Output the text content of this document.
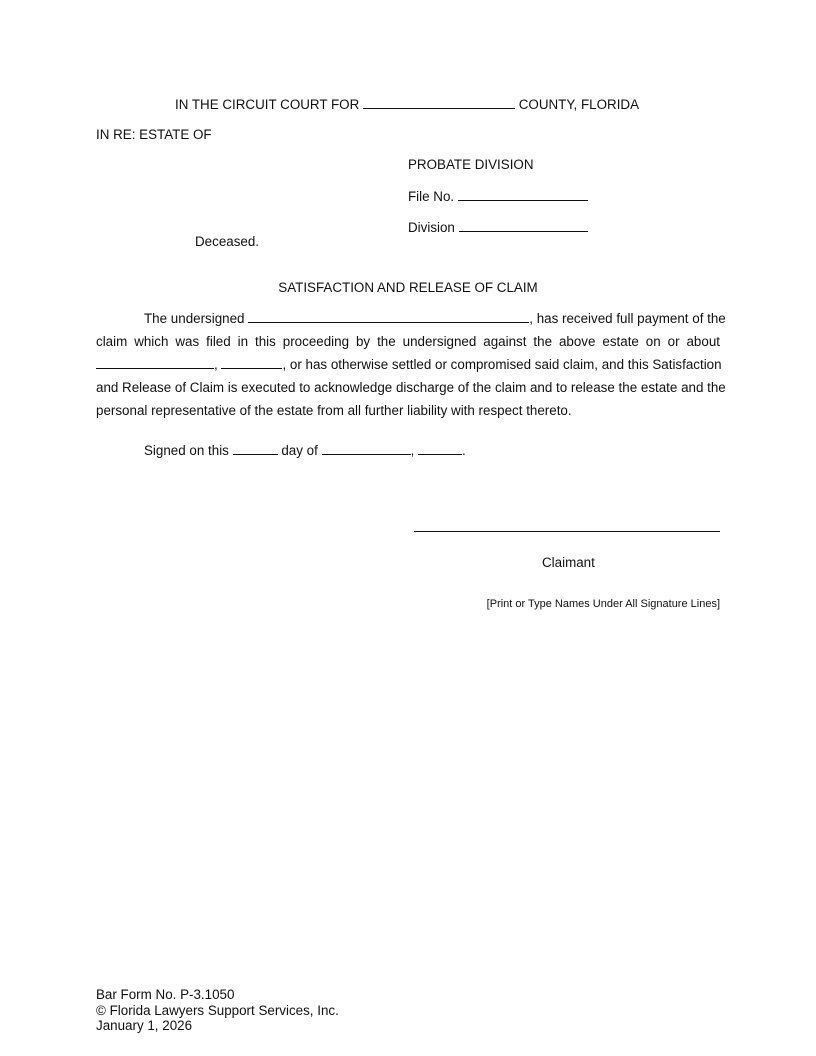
IN THE CIRCUIT COURT FOR	COUNTY, FLORIDA
IN RE: ESTATE OF
PROBATE DIVISION
File No.
Division
Deceased.
SATISFACTION AND RELEASE OF CLAIM
The undersigned	, has received full payment of the
claim which was filed in this proceeding by the undersigned against the above estate on or about
,	, or has otherwise settled or compromised said claim, and this Satisfaction
and Release of Claim is executed to acknowledge discharge of the claim and to release the estate and the
personal representative of the estate from all further liability with respect thereto.
Signed on this	day of	,	.
Claimant
[Print or Type Names Under All Signature Lines]
Bar Form No. P-3.1050
© Florida Lawyers Support Services, Inc.
January 1, 2026
